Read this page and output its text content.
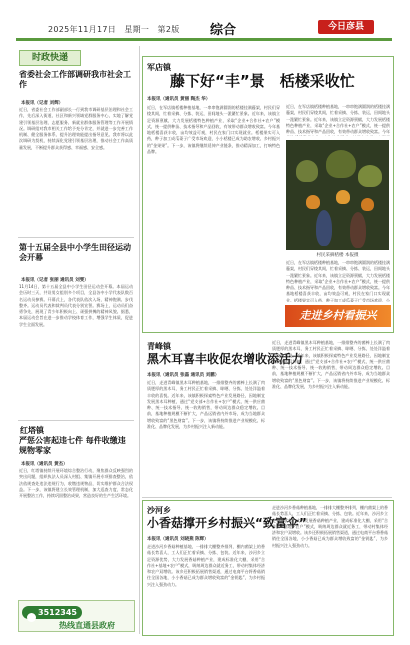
2025年11月17日　星期一　第2版 综合	今日彦县
时政快递
省委社会工作部调研我市社会工作
本报讯（记者 刘辉）
近日，省委社会工作部副部长一行到我市调研基层治理和社会工作，先后深入街道、社区和新兴领域党群服务中心，实地了解党建引领基层治理、志愿服务、新就业群体服务管理等工作开展情况。调研组对我市相关工作给予充分肯定，并就进一步完善工作机制、健全服务体系、提升治理效能提出指导意见。我市将以此次调研为契机，持续深化党建引领基层治理，推动社会工作高质量发展，不断提升群众获得感、幸福感、安全感。
第十五届全县中小学生田径运动会开幕
本报讯（记者 张丽 通讯员 刘雯）
11月14日，第十五届全县中小学生田径运动会开幕。本届运动会历时三天，共设男女组别多个项目，全县各中小学代表队数百名运动员参赛。开幕式上，各代表队依次入场，精神饱满、步伐整齐。运动员代表和裁判员代表分别宣誓。赛场上，运动员们奋勇争先，展现了青少年积极向上、顽强拼搏的精神风貌。据悉，本届运动会旨在进一步推动学校体育工作，增强学生体质，促进学生全面发展。
红塔镇
严惩公害起违七件 每件收缴违规物零家
本报讯（通讯员 黄杰）
近日，红塔镇持续开展环境综合整治行动，聚焦群众反映强烈的突出问题，组织执法人员深入村组、集镇开展专项排查整治，依法依规查处违法违规行为，收缴违规物品，切实维护群众合法权益。下一步，该镇将建立长效管理机制，加大巡查力度，常态化开展整治工作，持续巩固整治成果，营造良好的生产生活环境。
3512345
热线直通县政府
军店镇
藤下好“丰”景　栝楼采收忙
本报讯（通讯员 黄丽 陶杰 华）
近日，在军店镇栝楼种植基地，一串串饱满圆润的栝楼挂满藤架，村民们穿梭其间，忙着采摘、分拣、装运，田间地头一派繁忙景象。近年来，该镇立足资源禀赋，大力发展栝楼特色种植产业，采取“企业+合作社+农户”模式，统一提供种苗、技术指导和产品回收，有效带动群众增收致富。今年基地栝楼喜获丰收，亩均效益可观，村民在家门口实现就业。栝楼果实可入药，种子加工成瓜蒌子广受市场欢迎，小小栝楼已成为助农增收、乡村振兴的“金果果”。下一步，该镇将继续延伸产业链条，推动精深加工，打响特色品牌。
近日，在军店镇栝楼种植基地，一串串饱满圆润的栝楼挂满藤架，村民们穿梭其间，忙着采摘、分拣、装运，田间地头一派繁忙景象。近年来，该镇立足资源禀赋，大力发展栝楼特色种植产业，采取“企业+合作社+农户”模式，统一提供种苗、技术指导和产品回收，有效带动群众增收致富。今年
村民采摘栝楼 本报摄
近日，在军店镇栝楼种植基地，一串串饱满圆润的栝楼挂满藤架，村民们穿梭其间，忙着采摘、分拣、装运，田间地头一派繁忙景象。近年来，该镇立足资源禀赋，大力发展栝楼特色种植产业，采取“企业+合作社+农户”模式，统一提供种苗、技术指导和产品回收，有效带动群众增收致富。今年基地栝楼喜获丰收，亩均效益可观，村民在家门口实现就业。栝楼果实可入药，种子加工成瓜蒌子广受市场欢迎，小
走进乡村看振兴
青峰镇
黑木耳喜丰收促农增收添活力
本报讯（通讯员 张磊 通讯员 刘鹏）
近日，走进青峰镇黑木耳种植基地，一排排整齐的菌棒上长满了肉质肥厚的黑木耳，务工村民正忙着采摘、晾晒、分拣，处处洋溢着丰收的喜悦。近年来，该镇积极探索特色产业发展路径，因地制宜发展黑木耳种植，通过“党支部+合作社+农户”模式，统一供应菌种、统一技术指导、统一收购销售，带动周边群众稳定增收。目前，基地种植规模不断扩大，产品远销省内外市场，成为当地群众增收致富的“黑色财富”。下一步，该镇将持续推进产业规模化、标准化、品牌化发展，为乡村振兴注入新动能。
近日，走进青峰镇黑木耳种植基地，一排排整齐的菌棒上长满了肉质肥厚的黑木耳，务工村民正忙着采摘、晾晒、分拣，处处洋溢着丰收的喜悦。近年来，该镇积极探索特色产业发展路径，因地制宜发展黑木耳种植，通过“党支部+合作社+农户”模式，统一供应菌种、统一技术指导、统一收购销售，带动周边群众稳定增收。目前，基地种植规模不断扩大，产品远销省内外市场，成为当地群众增收致富的“黑色财富”。下一步，该镇将持续推进产业规模化、标准化、品牌化发展，为乡村振兴注入新动能。
沙河乡
小香菇撑开乡村振兴“致富伞”
本报讯（通讯员 刘晓燕 陈辉）
走进沙河乡香菇种植基地，一排排大棚整齐排列，棚内菌架上的香菇长势喜人，工人们正忙着采摘、分拣、包装。近年来，沙河乡立足资源优势，大力发展香菇种植产业，建成标准化大棚，采用“合作社+基地+农户”模式，吸纳周边群众就近务工，带动村集体经济和农户双增收。该乡还积极拓展销售渠道，通过电商平台将香菇销往全国各地，小小香菇已成为群众增收致富的“金钥匙”，为乡村振兴注入强劲动力。
走进沙河乡香菇种植基地，一排排大棚整齐排列，棚内菌架上的香菇长势喜人，工人们正忙着采摘、分拣、包装。近年来，沙河乡立足资源优势，大力发展香菇种植产业，建成标准化大棚，采用“合作社+基地+农户”模式，吸纳周边群众就近务工，带动村集体经济和农户双增收。该乡还积极拓展销售渠道，通过电商平台将香菇销往全国各地，小小香菇已成为群众增收致富的“金钥匙”，为乡村振兴注入强劲动力。
